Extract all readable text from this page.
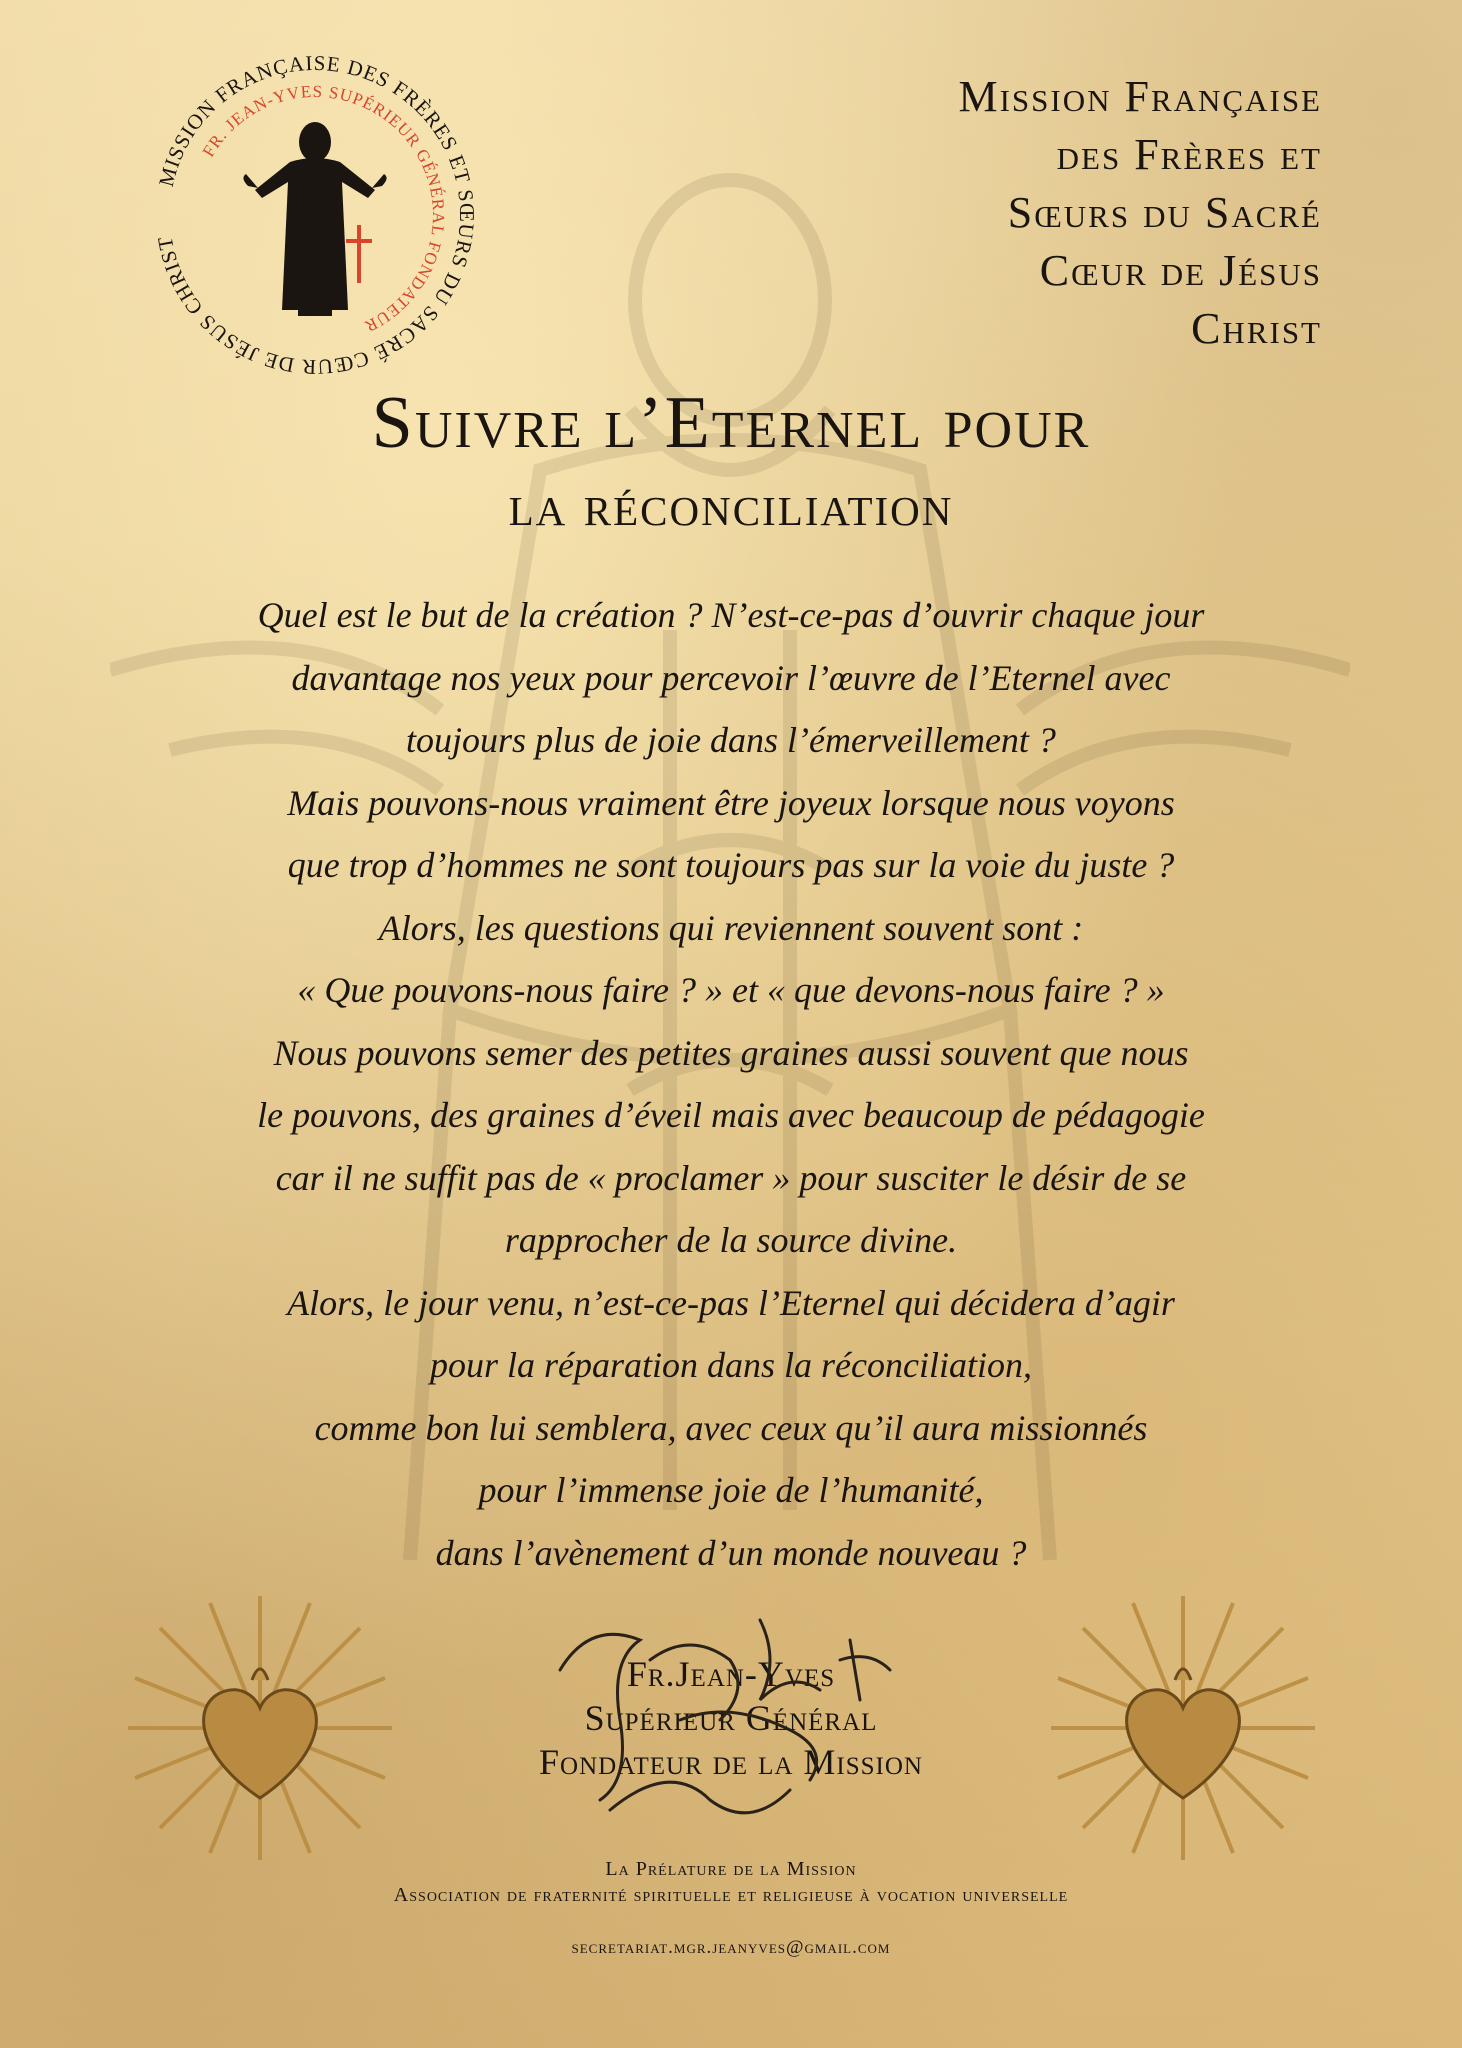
MISSION FRANÇAISE DES FRÈRES ET SŒURS DU SACRÉ CŒUR DE JÉSUS CHRIST
FR. JEAN-YVES SUPÉRIEUR GÉNÉRAL FONDATEUR
Mission Française
des Frères et
Sœurs du Sacré
Cœur de Jésus
Christ
Suivre l’Eternel pour
la réconciliation
Quel est le but de la création ? N’est-ce-pas d’ouvrir chaque jour
davantage nos yeux pour percevoir l’œuvre de l’Eternel avec
toujours plus de joie dans l’émerveillement ?
Mais pouvons-nous vraiment être joyeux lorsque nous voyons
que trop d’hommes ne sont toujours pas sur la voie du juste ?
Alors, les questions qui reviennent souvent sont :
« Que pouvons-nous faire ? » et « que devons-nous faire ? »
Nous pouvons semer des petites graines aussi souvent que nous
le pouvons, des graines d’éveil mais avec beaucoup de pédagogie
car il ne suffit pas de « proclamer » pour susciter le désir de se
rapprocher de la source divine.
Alors, le jour venu, n’est-ce-pas l’Eternel qui décidera d’agir
pour la réparation dans la réconciliation,
comme bon lui semblera, avec ceux qu’il aura missionnés
pour l’immense joie de l’humanité,
dans l’avènement d’un monde nouveau ?
Fr.Jean-Yves
Supérieur Général
Fondateur de la Mission
La Prélature de la Mission
Association de fraternité spirituelle et religieuse à vocation universelle
secretariat.mgr.jeanyves@gmail.com
